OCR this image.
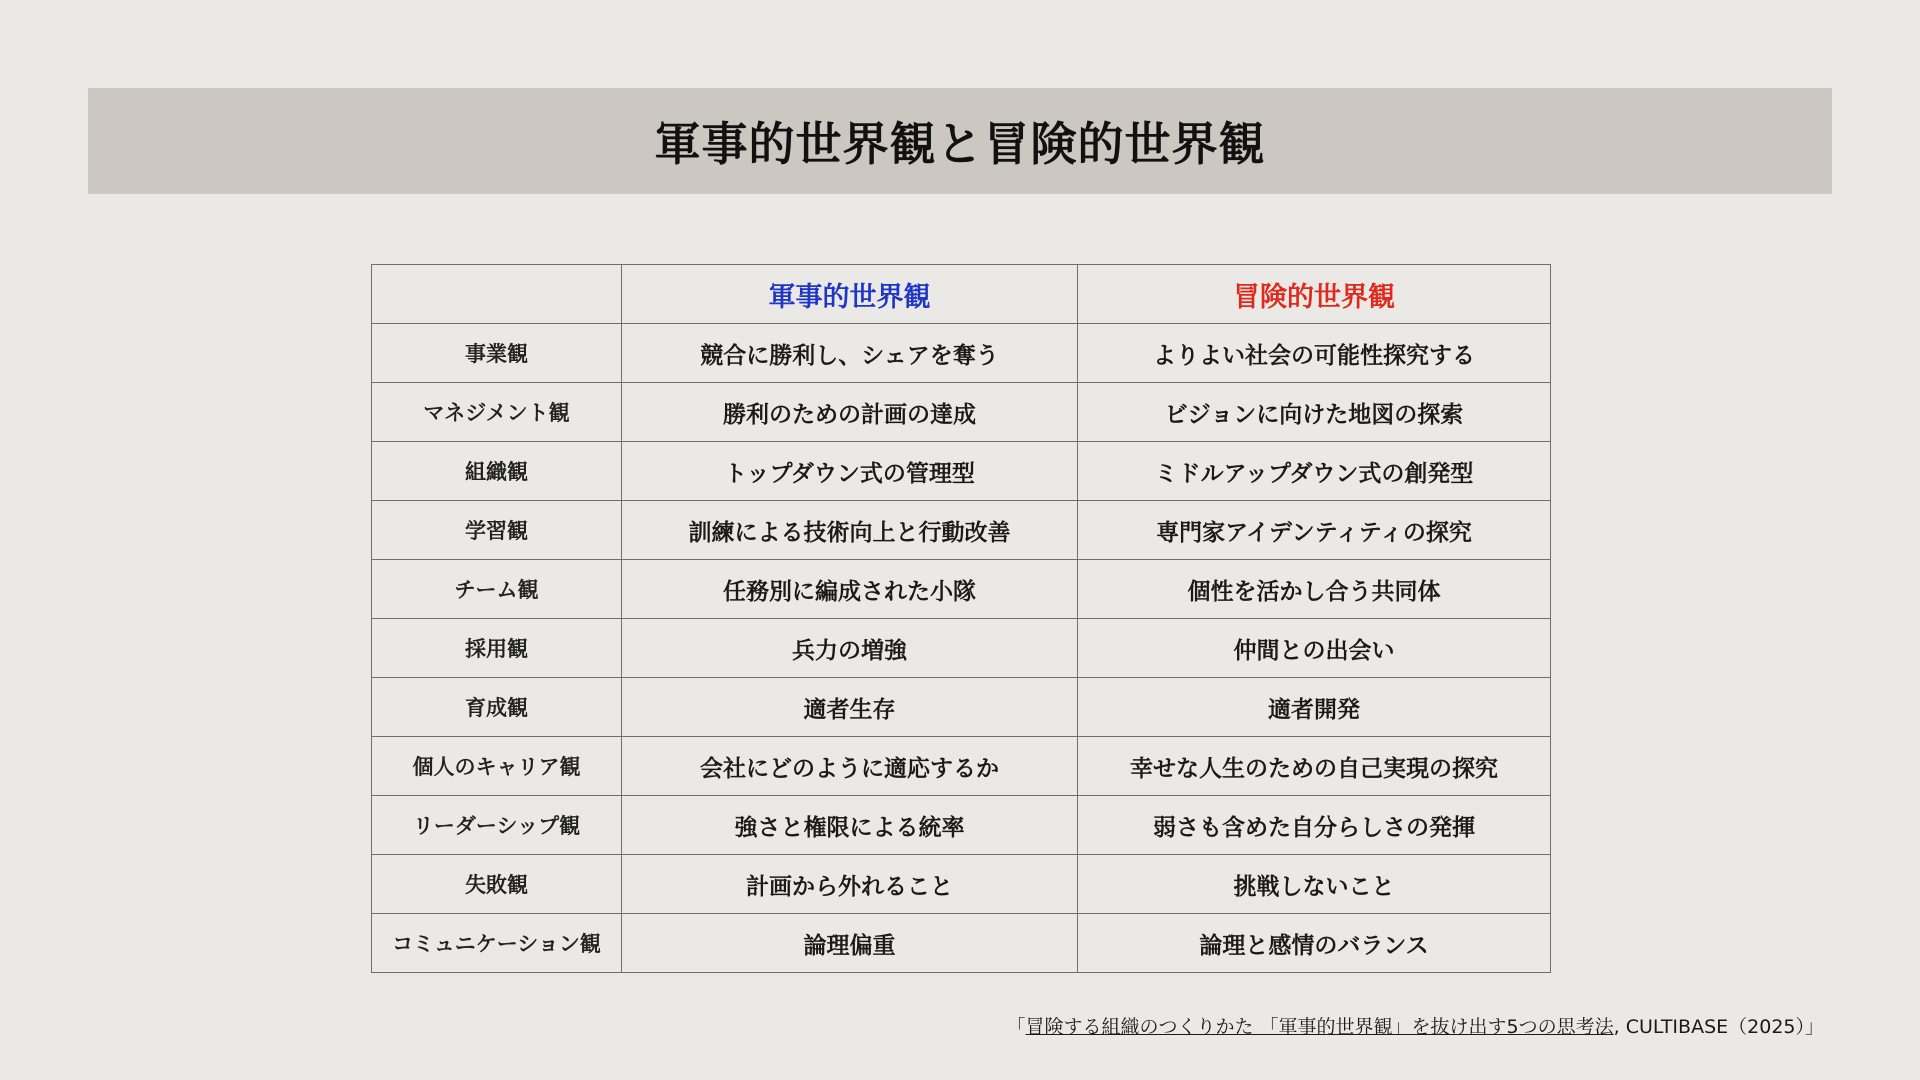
軍事的世界観と冒険的世界観
	軍事的世界観	冒険的世界観
事業観	競合に勝利し、シェアを奪う	よりよい社会の可能性探究する
マネジメント観	勝利のための計画の達成	ビジョンに向けた地図の探索
組織観	トップダウン式の管理型	ミドルアップダウン式の創発型
学習観	訓練による技術向上と行動改善	専門家アイデンティティの探究
チーム観	任務別に編成された小隊	個性を活かし合う共同体
採用観	兵力の増強	仲間との出会い
育成観	適者生存	適者開発
個人のキャリア観	会社にどのように適応するか	幸せな人生のための自己実現の探究
リーダーシップ観	強さと権限による統率	弱さも含めた自分らしさの発揮
失敗観	計画から外れること	挑戦しないこと
コミュニケーション観	論理偏重	論理と感情のバランス
「冒険する組織のつくりかた 「軍事的世界観」を抜け出す5つの思考法, CULTIBASE（2025）」
